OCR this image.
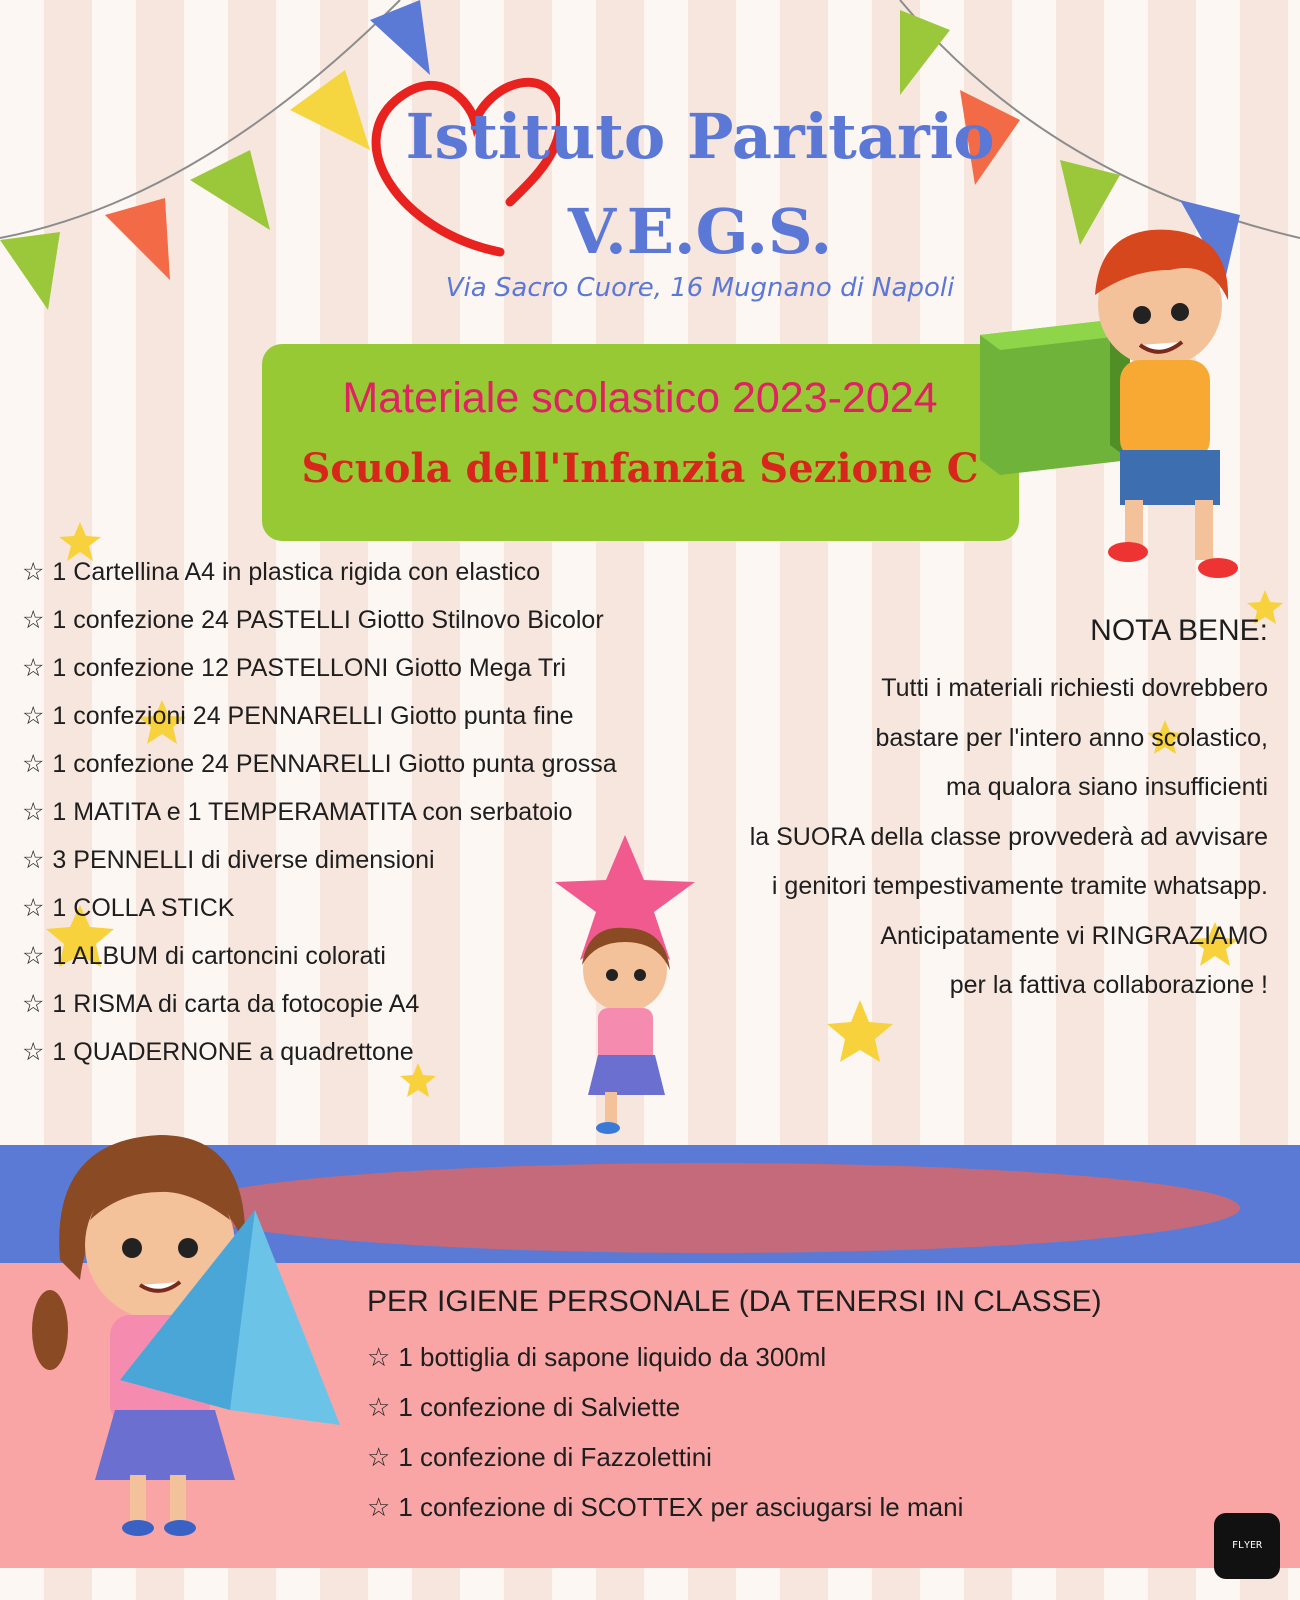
Istituto Paritario
V.E.G.S.
Via Sacro Cuore, 16 Mugnano di Napoli
Materiale scolastico 2023-2024
Scuola dell'Infanzia Sezione C
☆ 1 Cartellina A4 in plastica rigida con elastico
☆ 1 confezione 24 PASTELLI Giotto Stilnovo Bicolor
☆ 1 confezione 12 PASTELLONI Giotto Mega Tri
☆ 1 confezioni 24 PENNARELLI Giotto punta fine
☆ 1 confezione 24 PENNARELLI Giotto punta grossa
☆ 1 MATITA e 1 TEMPERAMATITA con serbatoio
☆ 3 PENNELLI di diverse dimensioni
☆ 1 COLLA STICK
☆ 1 ALBUM di cartoncini colorati
☆ 1 RISMA di carta da fotocopie A4
☆ 1 QUADERNONE a quadrettone
NOTA BENE:
Tutti i materiali richiesti dovrebbero
bastare per l'intero anno scolastico,
ma qualora siano insufficienti
la SUORA della classe provvederà ad avvisare
i genitori tempestivamente tramite whatsapp.
Anticipatamente vi RINGRAZIAMO
per la fattiva collaborazione !
PER IGIENE PERSONALE (DA TENERSI IN CLASSE)
☆ 1 bottiglia di sapone liquido da 300ml
☆ 1 confezione di Salviette
☆ 1 confezione di Fazzolettini
☆ 1 confezione di SCOTTEX per asciugarsi le mani
FLYER
